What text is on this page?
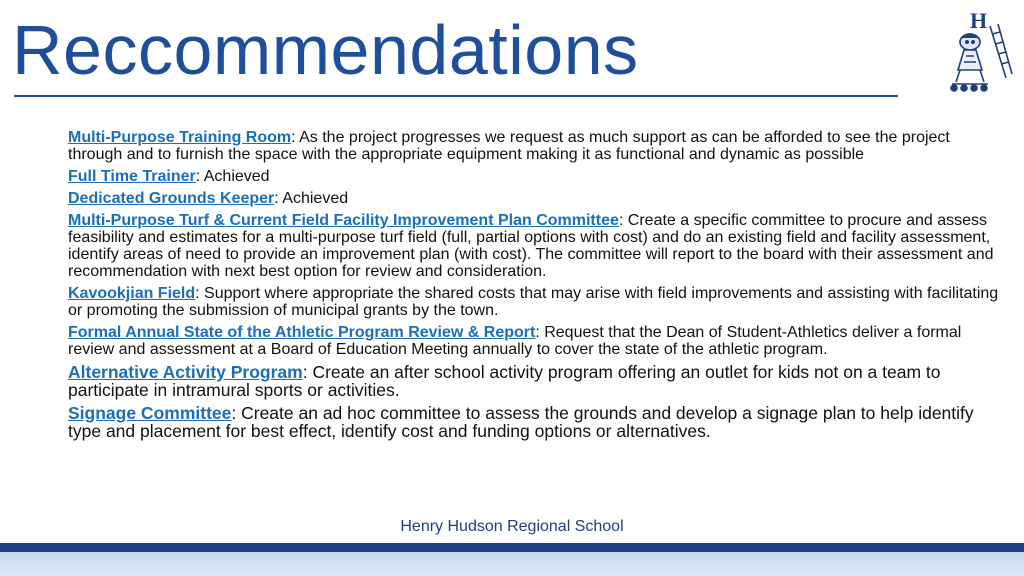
Reccommendations	H
Multi-Purpose Training Room: As the project progresses we request as much support as can be afforded to see the project through and to furnish the space with the appropriate equipment making it as functional and dynamic as possible
Full Time Trainer: Achieved
Dedicated Grounds Keeper: Achieved
Multi-Purpose Turf & Current Field Facility Improvement Plan Committee: Create a specific committee to procure and assess feasibility and estimates for a multi-purpose turf field (full, partial options with cost) and do an existing field and facility assessment, identify areas of need to provide an improvement plan (with cost). The committee will report to the board with their assessment and recommendation with next best option for review and consideration.
Kavookjian Field: Support where appropriate the shared costs that may arise with field improvements and assisting with facilitating or promoting the submission of municipal grants by the town.
Formal Annual State of the Athletic Program Review & Report: Request that the Dean of Student-Athletics deliver a formal review and assessment at a Board of Education Meeting annually to cover the state of the athletic program.
Alternative Activity Program: Create an after school activity program offering an outlet for kids not on a team to participate in intramural sports or activities.
Signage Committee: Create an ad hoc committee to assess the grounds and develop a signage plan to help identify type and placement for best effect, identify cost and funding options or alternatives.
Henry Hudson Regional School
